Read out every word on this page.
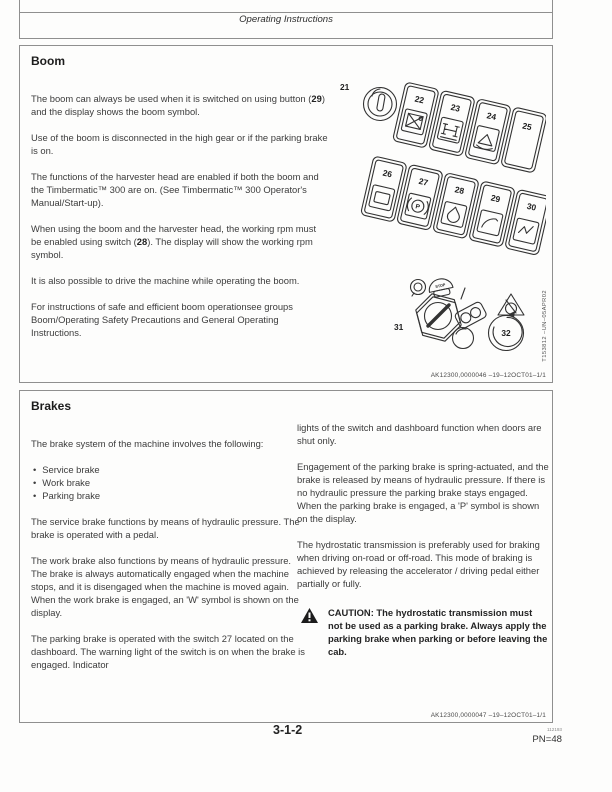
Operating Instructions
Boom

The boom can always be used when it is switched on using button (29) and the display shows the boom symbol.

Use of the boom is disconnected in the high gear or if the parking brake is on.

The functions of the harvester head are enabled if both the boom and the Timbermatic™ 300 are on. (See Timbermatic™ 300 Operator's Manual/Start-up).

When using the boom and the harvester head, the working rpm must be enabled using switch (28). The display will show the working rpm symbol.

It is also possible to drive the machine while operating the boom.

For instructions of safe and efficient boom operationsee groups Boom/Operating Safety Precautions and General Operating Instructions.

21
22
23
24
25
26
27
P
28
29
30
STOP
31
32	T153812 –UN–05APR02
AK12300,0000046 –19–12OCT01–1/1
Brakes

The brake system of the machine involves the following:

• Service brake
• Work brake
• Parking brake

The service brake functions by means of hydraulic pressure. The brake is operated with a pedal.

The work brake also functions by means of hydraulic pressure. The brake is always automatically engaged when the machine stops, and it is disengaged when the machine is moved again. When the work brake is engaged, an 'W' symbol is shown on the display.

The parking brake is operated with the switch 27 located on the dashboard. The warning light of the switch is on when the brake is engaged. Indicator

lights of the switch and dashboard function when doors are shut only.

Engagement of the parking brake is spring-actuated, and the brake is released by means of hydraulic pressure. If there is no hydraulic pressure the parking brake stays engaged. When the parking brake is engaged, a 'P' symbol is shown on the display.

The hydrostatic transmission is preferably used for braking when driving on-road or off-road. This mode of braking is achieved by releasing the accelerator / driving pedal either partially or fully.

CAUTION: The hydrostatic transmission must not be used as a parking brake. Always apply the parking brake when parking or before leaving the cab.
AK12300,0000047 –19–12OCT01–1/1
3-1-2	112193
PN=48
